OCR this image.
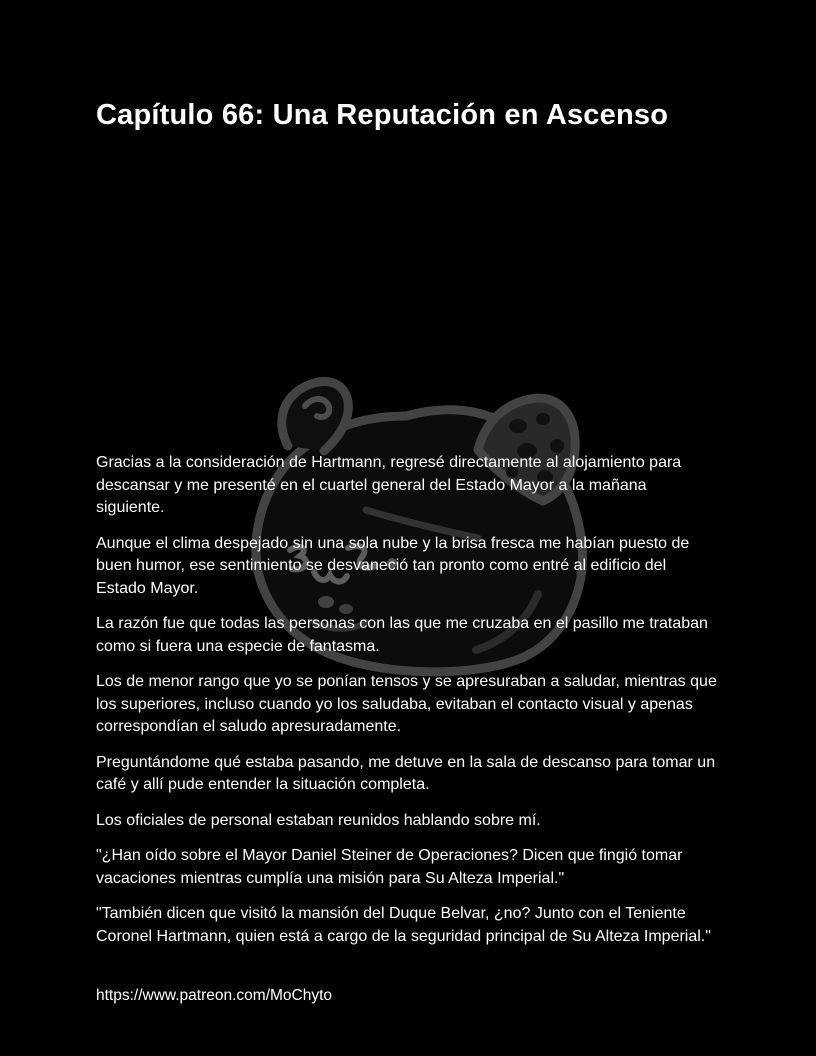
Capítulo 66: Una Reputación en Ascenso

Gracias a la consideración de Hartmann, regresé directamente al alojamiento para descansar y me presenté en el cuartel general del Estado Mayor a la mañana siguiente.

Aunque el clima despejado sin una sola nube y la brisa fresca me habían puesto de buen humor, ese sentimiento se desvaneció tan pronto como entré al edificio del Estado Mayor.

La razón fue que todas las personas con las que me cruzaba en el pasillo me trataban como si fuera una especie de fantasma.

Los de menor rango que yo se ponían tensos y se apresuraban a saludar, mientras que los superiores, incluso cuando yo los saludaba, evitaban el contacto visual y apenas correspondían el saludo apresuradamente.

Preguntándome qué estaba pasando, me detuve en la sala de descanso para tomar un café y allí pude entender la situación completa.

Los oficiales de personal estaban reunidos hablando sobre mí.

"¿Han oído sobre el Mayor Daniel Steiner de Operaciones? Dicen que fingió tomar vacaciones mientras cumplía una misión para Su Alteza Imperial."

"También dicen que visitó la mansión del Duque Belvar, ¿no? Junto con el Teniente Coronel Hartmann, quien está a cargo de la seguridad principal de Su Alteza Imperial."

https://www.patreon.com/MoChyto
